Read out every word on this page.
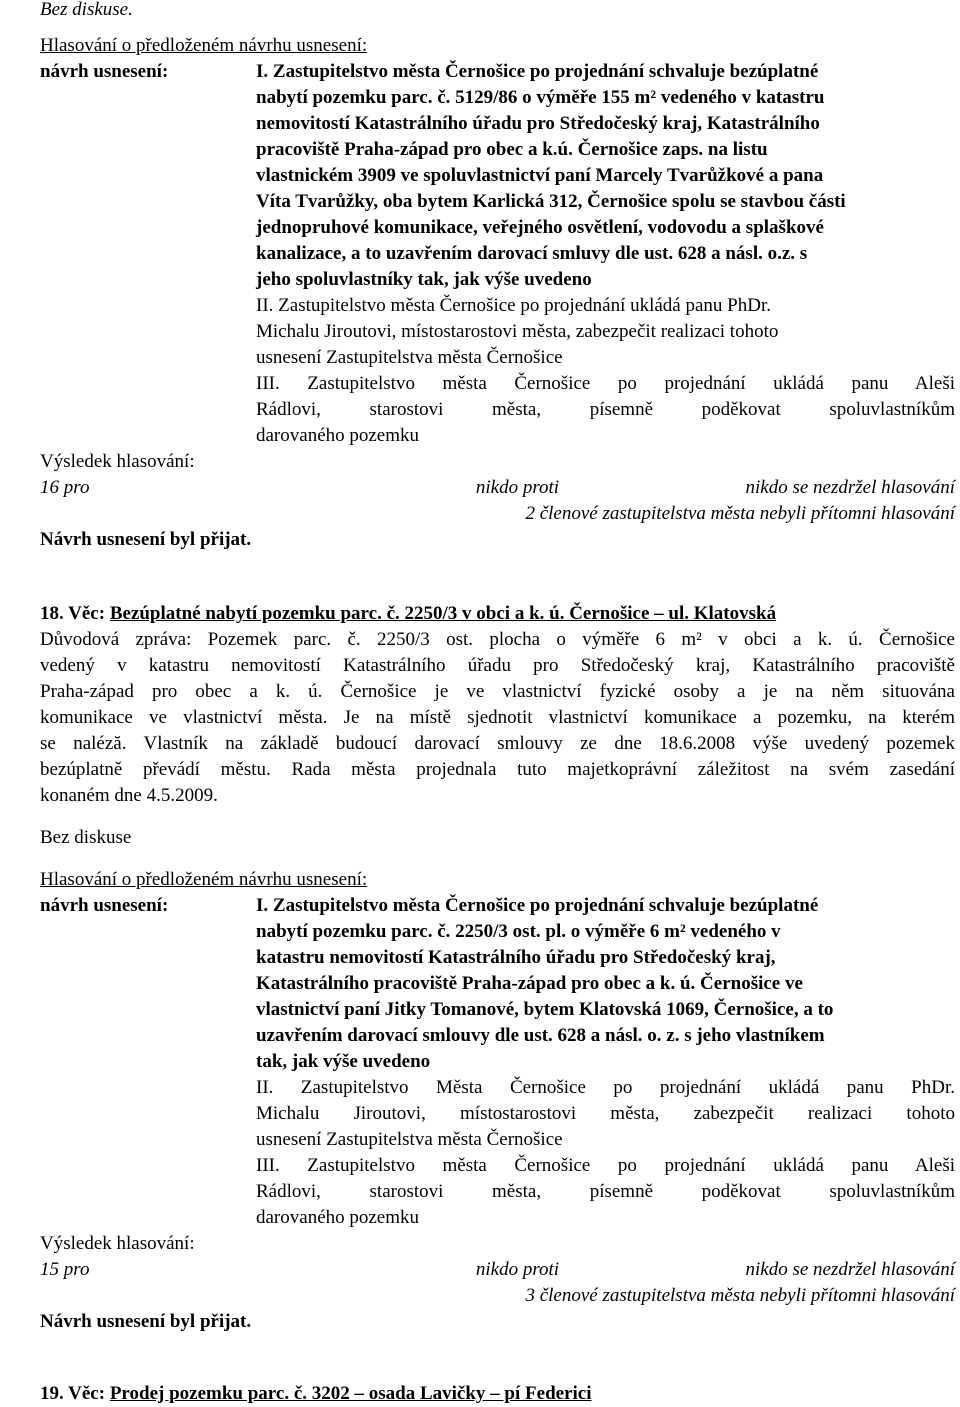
Bez diskuse.
Hlasování o předloženém návrhu usnesení:
návrh usnesení:	I. Zastupitelstvo města Černošice po projednání schvaluje bezúplatné
nabytí pozemku parc. č. 5129/86 o výměře 155 m² vedeného v katastru
nemovitostí Katastrálního úřadu pro Středočeský kraj, Katastrálního
pracoviště Praha-západ pro obec a k.ú. Černošice zaps. na listu
vlastnickém 3909 ve spoluvlastnictví paní Marcely Tvarůžkové a pana
Víta Tvarůžky, oba bytem Karlická 312, Černošice spolu se stavbou části
jednopruhové komunikace, veřejného osvětlení, vodovodu a splaškové
kanalizace, a to uzavřením darovací smluvy dle ust. 628 a násl. o.z. s
jeho spoluvlastníky tak, jak výše uvedeno
II. Zastupitelstvo města Černošice po projednání ukládá panu PhDr.
Michalu Jiroutovi, místostarostovi města, zabezpečit realizaci tohoto
usnesení Zastupitelstva města Černošice
III. Zastupitelstvo města Černošice po projednání ukládá panu Aleši
Rádlovi, starostovi města, písemně poděkovat spoluvlastníkům
darovaného pozemku
Výsledek hlasování:
16 pro	nikdo proti	nikdo se nezdržel hlasování
2 členové zastupitelstva města nebyli přítomni hlasování
Návrh usnesení byl přijat.
18. Věc: Bezúplatné nabytí pozemku parc. č. 2250/3 v obci a k. ú. Černošice – ul. Klatovská
Důvodová zpráva: Pozemek parc. č. 2250/3 ost. plocha o výměře 6 m² v obci a k. ú. Černošice
vedený v katastru nemovitostí Katastrálního úřadu pro Středočeský kraj, Katastrálního pracoviště
Praha-západ pro obec a k. ú. Černošice je ve vlastnictví fyzické osoby a je na něm situována
komunikace ve vlastnictví města. Je na místě sjednotit vlastnictví komunikace a pozemku, na kterém
se naléză. Vlastník na základě budoucí darovací smlouvy ze dne 18.6.2008 výše uvedený pozemek
bezúplatně převádí městu. Rada města projednala tuto majetkoprávní záležitost na svém zasedání
konaném dne 4.5.2009.
Bez diskuse
Hlasování o předloženém návrhu usnesení:
návrh usnesení:	I. Zastupitelstvo města Černošice po projednání schvaluje bezúplatné
nabytí pozemku parc. č. 2250/3 ost. pl. o výměře 6 m² vedeného v
katastru nemovitostí Katastrálního úřadu pro Středočeský kraj,
Katastrálního pracoviště Praha-západ pro obec a k. ú. Černošice ve
vlastnictví paní Jitky Tomanové, bytem Klatovská 1069, Černošice, a to
uzavřením darovací smlouvy dle ust. 628 a násl. o. z. s jeho vlastníkem
tak, jak výše uvedeno
II. Zastupitelstvo Města Černošice po projednání ukládá panu PhDr.
Michalu Jiroutovi, místostarostovi města, zabezpečit realizaci tohoto
usnesení Zastupitelstva města Černošice
III. Zastupitelstvo města Černošice po projednání ukládá panu Aleši
Rádlovi, starostovi města, písemně poděkovat spoluvlastníkům
darovaného pozemku
Výsledek hlasování:
15 pro	nikdo proti	nikdo se nezdržel hlasování
3 členové zastupitelstva města nebyli přítomni hlasování
Návrh usnesení byl přijat.
19. Věc: Prodej pozemku parc. č. 3202 – osada Lavičky – pí Federici
